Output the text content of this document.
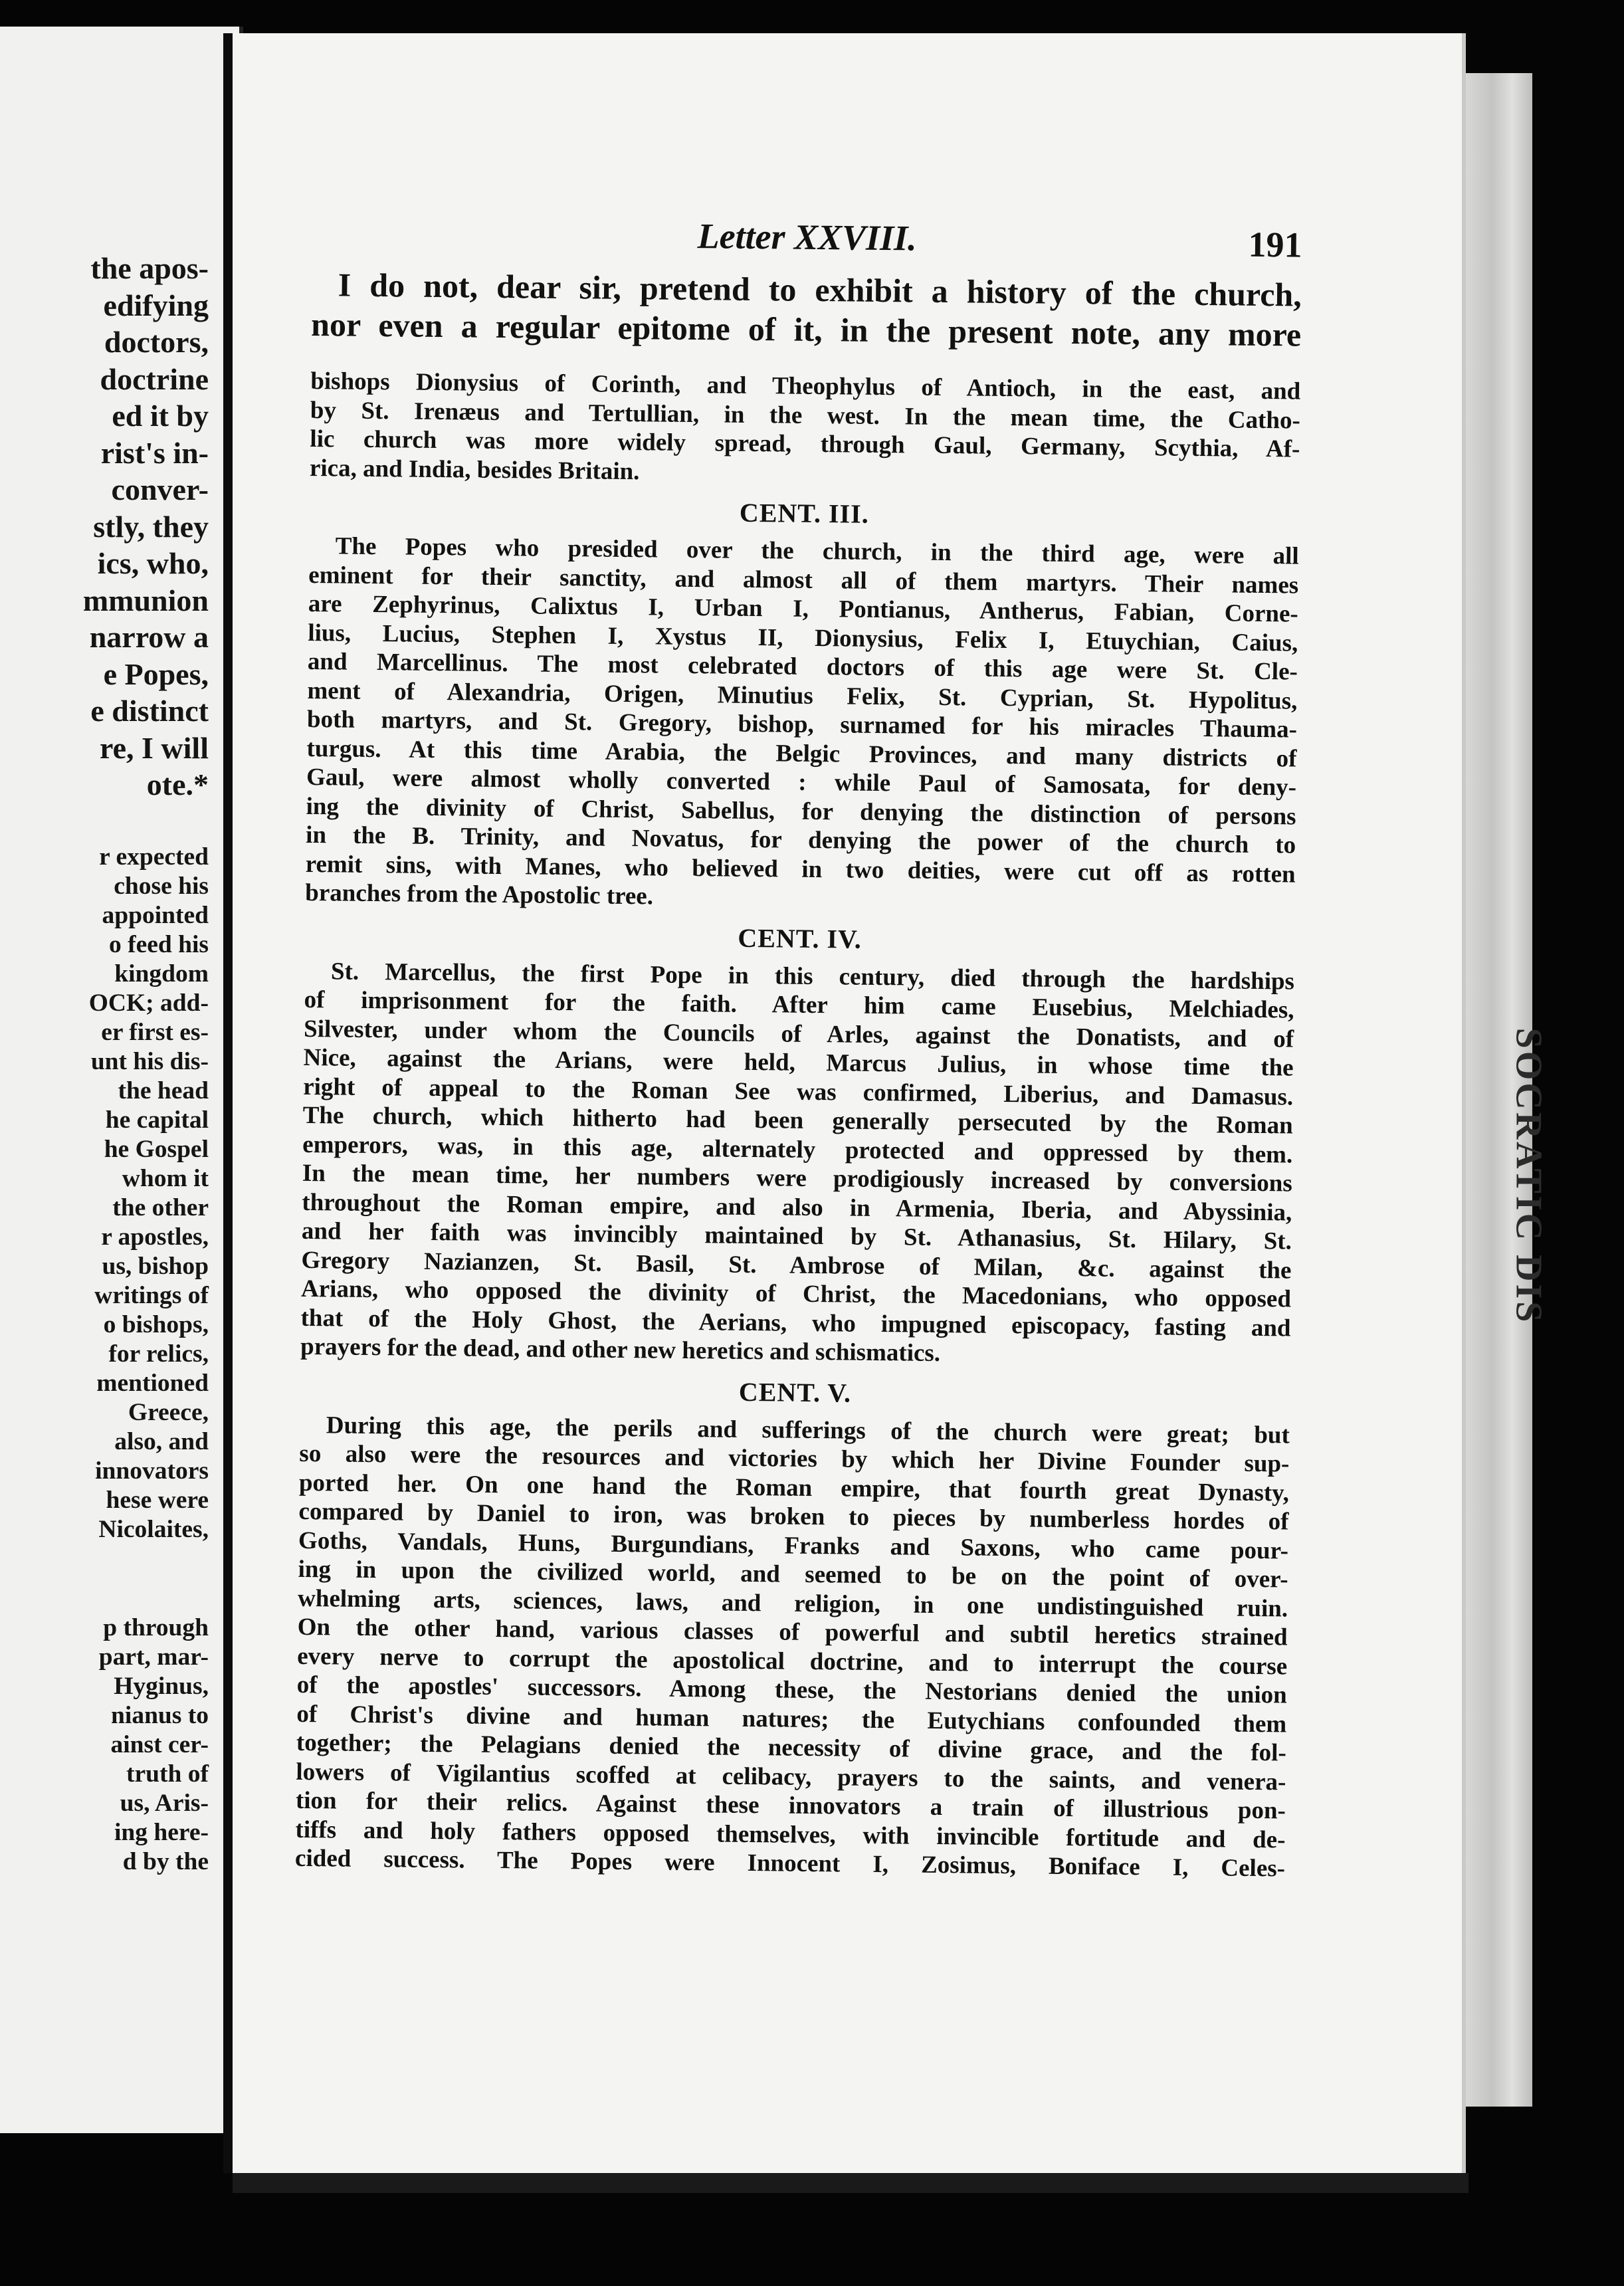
the apos-
edifying
doctors,
doctrine
ed it by
rist's in-
conver-
stly, they
ics, who,
mmunion
narrow a
e Popes,
e distinct
re, I will
ote.*
r expected
chose his
appointed
o feed his
kingdom
OCK; add-
er first es-
unt his dis-
the head
he capital
he Gospel
whom it
the other
r apostles,
us, bishop
writings of
o bishops,
for relics,
mentioned
Greece,
also, and
innovators
hese were
Nicolaites,
p through
part, mar-
Hyginus,
nianus to
ainst cer-
truth of
us, Aris-
ing here-
d by the
SOCRATIC DIS
Letter XXVIII.	191
I do not, dear sir, pretend to exhibit a history of the church,
nor even a regular epitome of it, in the present note, any more
bishops Dionysius of Corinth, and Theophylus of Antioch, in the east, and
by St. Irenæus and Tertullian, in the west. In the mean time, the Catho-
lic church was more widely spread, through Gaul, Germany, Scythia, Af-
rica, and India, besides Britain.
CENT. III.
The Popes who presided over the church, in the third age, were all
eminent for their sanctity, and almost all of them martyrs. Their names
are Zephyrinus, Calixtus I, Urban I, Pontianus, Antherus, Fabian, Corne-
lius, Lucius, Stephen I, Xystus II, Dionysius, Felix I, Etuychian, Caius,
and Marcellinus. The most celebrated doctors of this age were St. Cle-
ment of Alexandria, Origen, Minutius Felix, St. Cyprian, St. Hypolitus,
both martyrs, and St. Gregory, bishop, surnamed for his miracles Thauma-
turgus. At this time Arabia, the Belgic Provinces, and many districts of
Gaul, were almost wholly converted : while Paul of Samosata, for deny-
ing the divinity of Christ, Sabellus, for denying the distinction of persons
in the B. Trinity, and Novatus, for denying the power of the church to
remit sins, with Manes, who believed in two deities, were cut off as rotten
branches from the Apostolic tree.
CENT. IV.
St. Marcellus, the first Pope in this century, died through the hardships
of imprisonment for the faith. After him came Eusebius, Melchiades,
Silvester, under whom the Councils of Arles, against the Donatists, and of
Nice, against the Arians, were held, Marcus Julius, in whose time the
right of appeal to the Roman See was confirmed, Liberius, and Damasus.
The church, which hitherto had been generally persecuted by the Roman
emperors, was, in this age, alternately protected and oppressed by them.
In the mean time, her numbers were prodigiously increased by conversions
throughout the Roman empire, and also in Armenia, Iberia, and Abyssinia,
and her faith was invincibly maintained by St. Athanasius, St. Hilary, St.
Gregory Nazianzen, St. Basil, St. Ambrose of Milan, &c. against the
Arians, who opposed the divinity of Christ, the Macedonians, who opposed
that of the Holy Ghost, the Aerians, who impugned episcopacy, fasting and
prayers for the dead, and other new heretics and schismatics.
CENT. V.
During this age, the perils and sufferings of the church were great; but
so also were the resources and victories by which her Divine Founder sup-
ported her. On one hand the Roman empire, that fourth great Dynasty,
compared by Daniel to iron, was broken to pieces by numberless hordes of
Goths, Vandals, Huns, Burgundians, Franks and Saxons, who came pour-
ing in upon the civilized world, and seemed to be on the point of over-
whelming arts, sciences, laws, and religion, in one undistinguished ruin.
On the other hand, various classes of powerful and subtil heretics strained
every nerve to corrupt the apostolical doctrine, and to interrupt the course
of the apostles' successors. Among these, the Nestorians denied the union
of Christ's divine and human natures; the Eutychians confounded them
together; the Pelagians denied the necessity of divine grace, and the fol-
lowers of Vigilantius scoffed at celibacy, prayers to the saints, and venera-
tion for their relics. Against these innovators a train of illustrious pon-
tiffs and holy fathers opposed themselves, with invincible fortitude and de-
cided success. The Popes were Innocent I, Zosimus, Boniface I, Celes-
